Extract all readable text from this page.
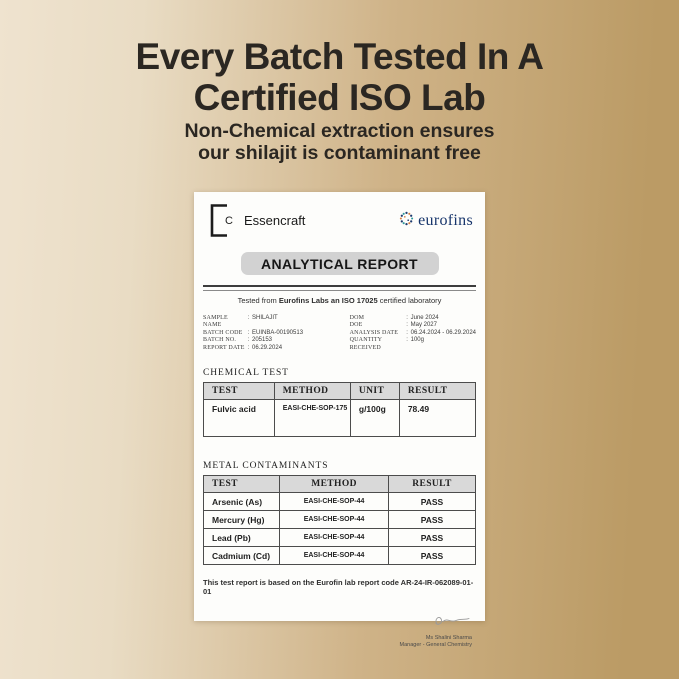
Every Batch Tested In A
Certified ISO Lab
Non-Chemical extraction ensures
our shilajit is contaminant free
C Essencraft	eurofins
ANALYTICAL REPORT
Tested from Eurofins Labs an ISO 17025 certified laboratory
SAMPLE NAME
: SHILAJIT
BATCH CODE : EUINBA-00190513
BATCH NO.	: 205153
REPORT DATE : 06.29.2024
DOM	: June 2024
DOE	: May 2027
ANALYSIS DATE	: 06.24.2024 - 06.29.2024
QUANTITY RECEIVED
: 100g
CHEMICAL TEST
TEST	METHOD	UNIT	RESULT
Fulvic acid	EASI-CHE-SOP-175	g/100g	78.49
METAL CONTAMINANTS
TEST	METHOD	RESULT
Arsenic (As)	EASI-CHE-SOP-44	PASS
Mercury (Hg)	EASI-CHE-SOP-44	PASS
Lead (Pb)	EASI-CHE-SOP-44	PASS
Cadmium (Cd)	EASI-CHE-SOP-44	PASS
This test report is based on the Eurofin lab report code AR-24-IR-062089-01-01
Ms Shalini Sharma
Manager - General Chemistry
